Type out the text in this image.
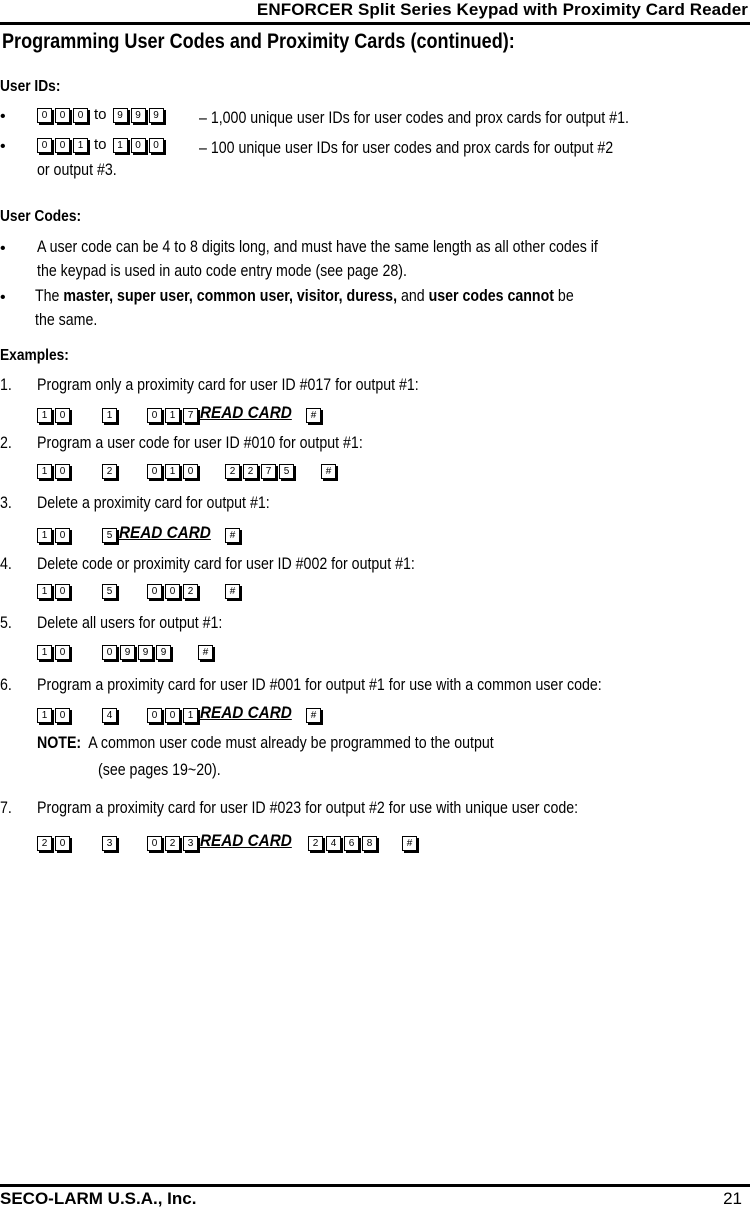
ENFORCER Split Series Keypad with Proximity Card Reader
Programming User Codes and Proximity Cards (continued):
User IDs:
•	0	0	0 to	9	9	9 – 1,000 unique user IDs for user codes and prox cards for output #1.
•	0	0	1 to	1	0	0 – 100 unique user IDs for user codes and prox cards for output #2
or output #3.
User Codes:
• A user code can be 4 to 8 digits long, and must have the same length as all other codes if
the keypad is used in auto code entry mode (see page 28).
• The master, super user, common user, visitor, duress, and user codes cannot be
the same.
Examples:
1. Program only a proximity card for user ID #017 for output #1:
1	0	1	0	1	7 READ CARD	#
2. Program a user code for user ID #010 for output #1:
1	0	2	0	1	0	2	2	7	5	#
3. Delete a proximity card for output #1:
1	0	5 READ CARD	#
4. Delete code or proximity card for user ID #002 for output #1:
1	0	5	0	0	2	#
5. Delete all users for output #1:
1	0	0	9	9	9	#
6. Program a proximity card for user ID #001 for output #1 for use with a common user code:
1	0	4	0	0	1 READ CARD	#
NOTE: A common user code must already be programmed to the output
(see pages 19~20).
7. Program a proximity card for user ID #023 for output #2 for use with unique user code:
2	0	3	0	2	3 READ CARD	2	4	6	8	#
SECO-LARM U.S.A., Inc.	21
